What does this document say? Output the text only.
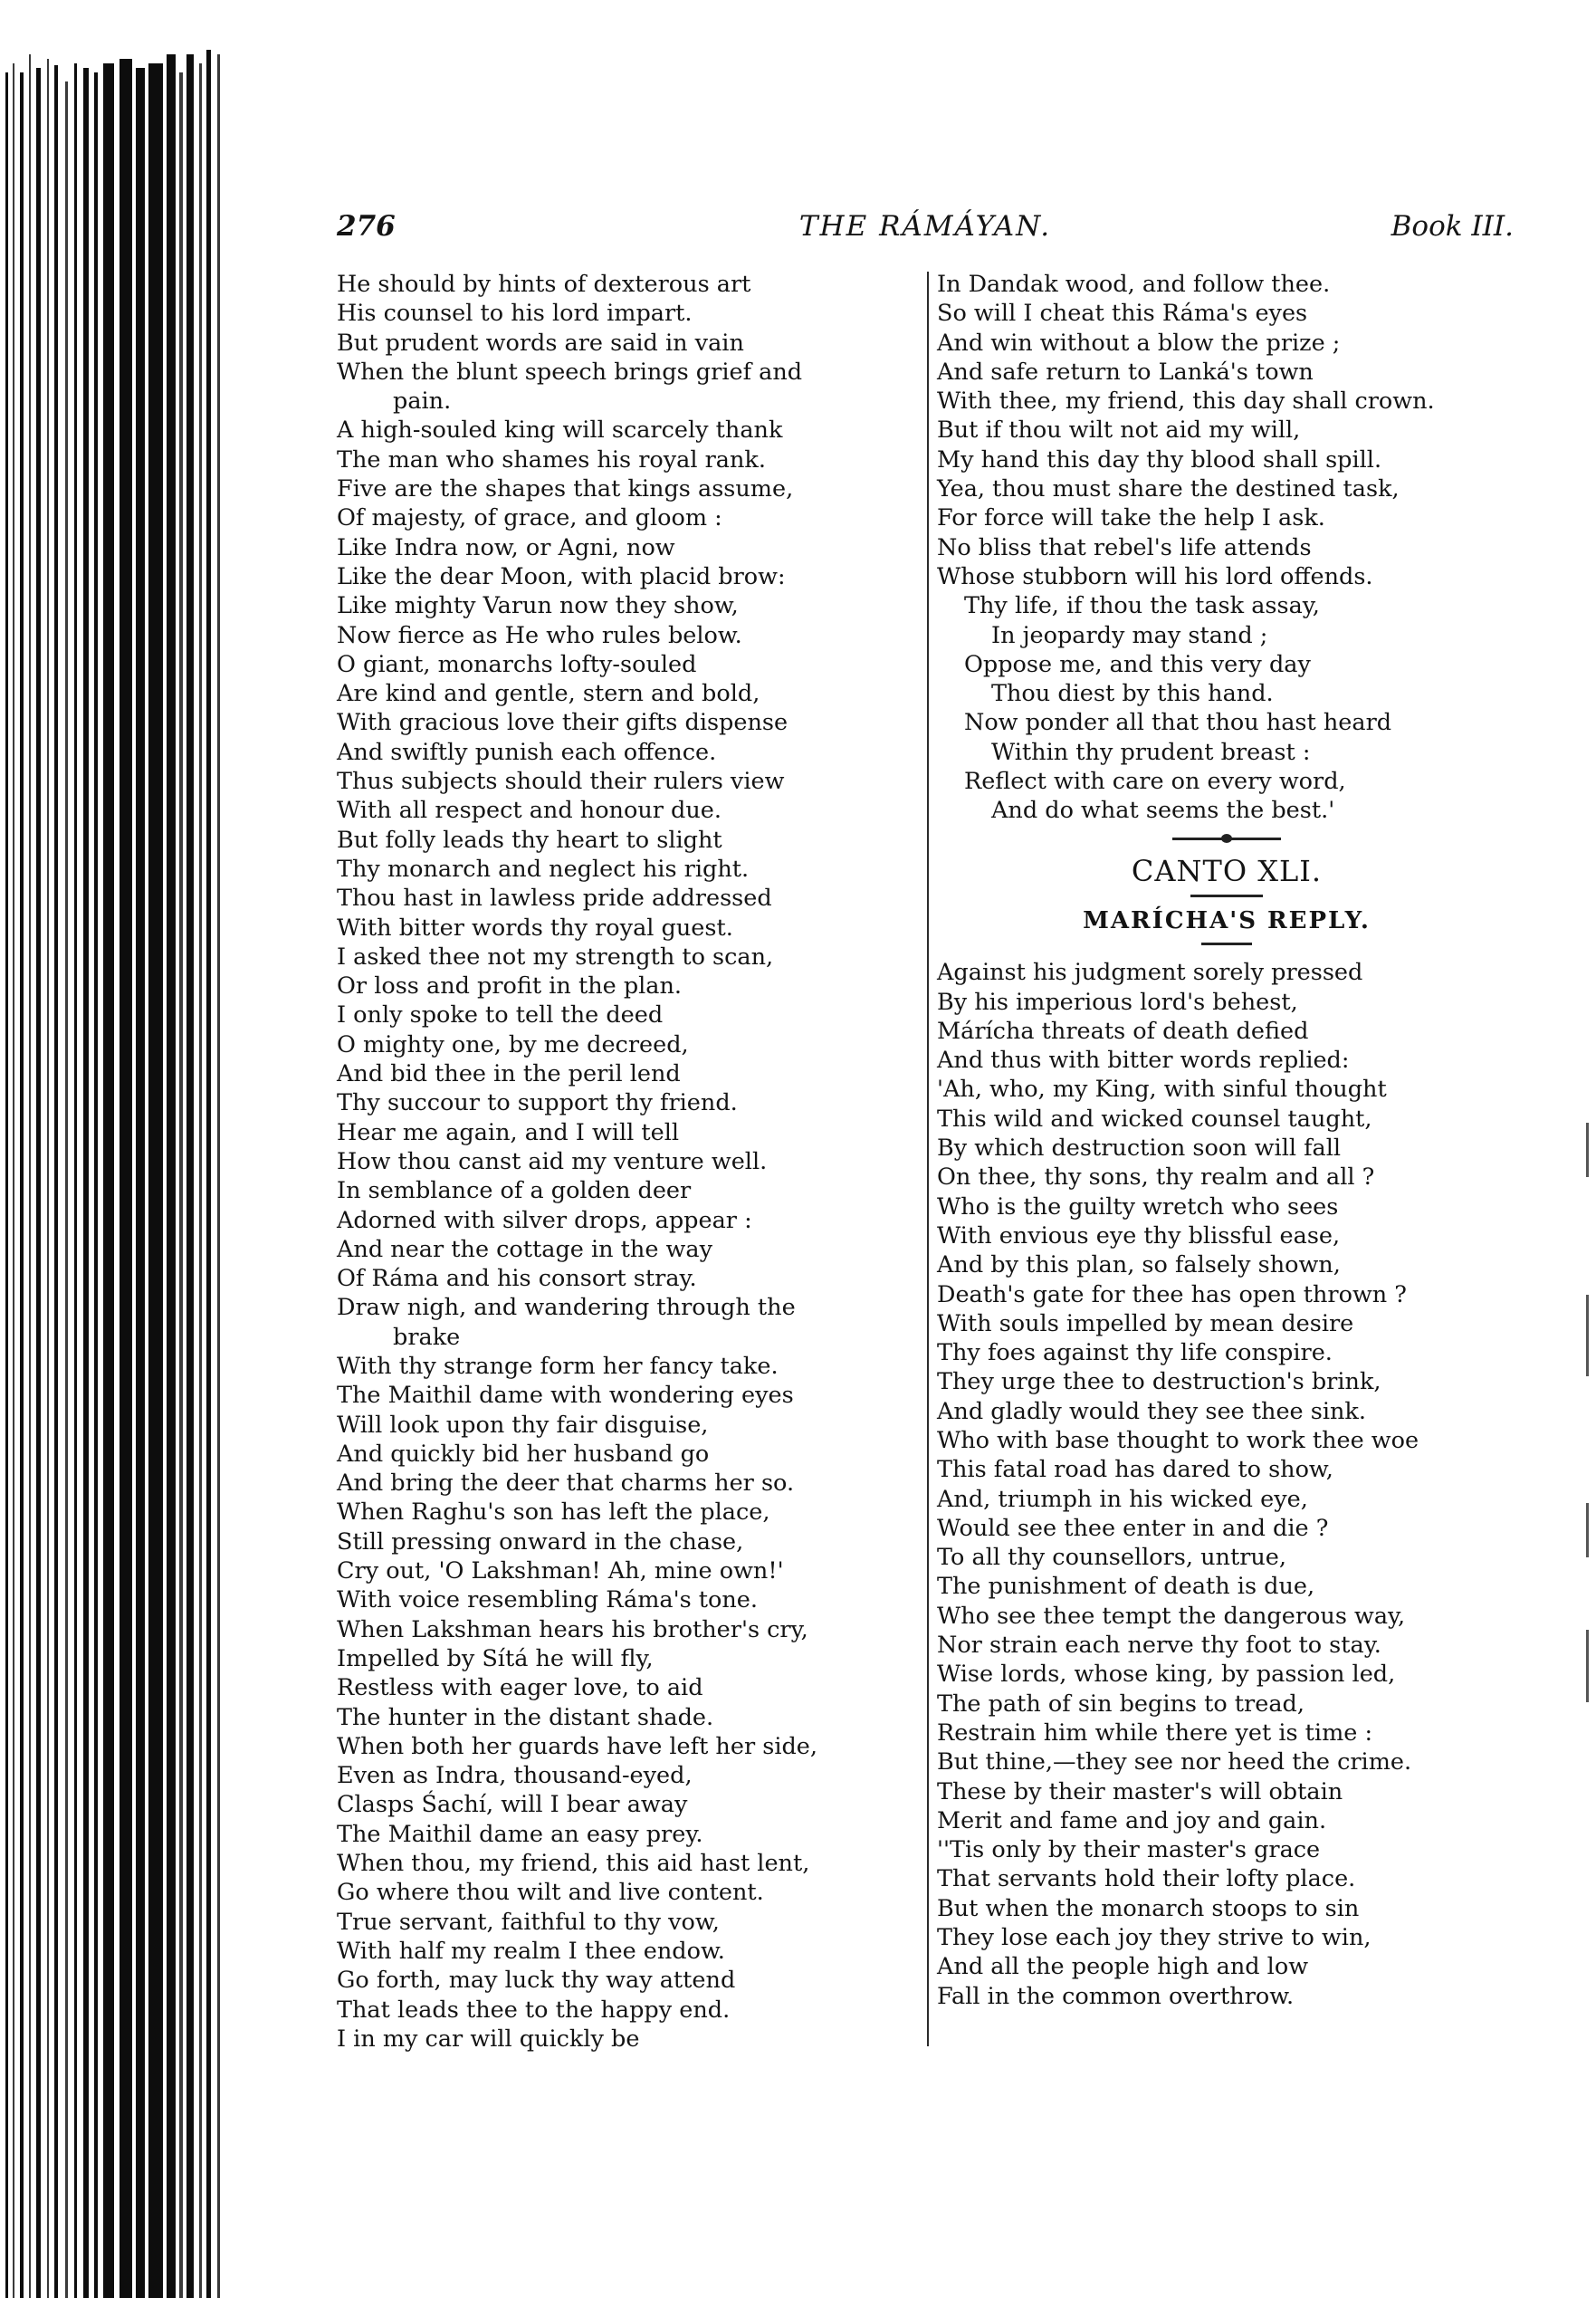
276	THE RÁMÁYAN.	Book III.
He should by hints of dexterous art
His counsel to his lord impart.
But prudent words are said in vain
When the blunt speech brings grief and
pain.
A high-souled king will scarcely thank
The man who shames his royal rank.
Five are the shapes that kings assume,
Of majesty, of grace, and gloom :
Like Indra now, or Agni, now
Like the dear Moon, with placid brow:
Like mighty Varun now they show,
Now fierce as He who rules below.
O giant, monarchs lofty-souled
Are kind and gentle, stern and bold,
With gracious love their gifts dispense
And swiftly punish each offence.
Thus subjects should their rulers view
With all respect and honour due.
But folly leads thy heart to slight
Thy monarch and neglect his right.
Thou hast in lawless pride addressed
With bitter words thy royal guest.
I asked thee not my strength to scan,
Or loss and profit in the plan.
I only spoke to tell the deed
O mighty one, by me decreed,
And bid thee in the peril lend
Thy succour to support thy friend.
Hear me again, and I will tell
How thou canst aid my venture well.
In semblance of a golden deer
Adorned with silver drops, appear :
And near the cottage in the way
Of Ráma and his consort stray.
Draw nigh, and wandering through the
brake
With thy strange form her fancy take.
The Maithil dame with wondering eyes
Will look upon thy fair disguise,
And quickly bid her husband go
And bring the deer that charms her so.
When Raghu's son has left the place,
Still pressing onward in the chase,
Cry out, 'O Lakshman! Ah, mine own!'
With voice resembling Ráma's tone.
When Lakshman hears his brother's cry,
Impelled by Sítá he will fly,
Restless with eager love, to aid
The hunter in the distant shade.
When both her guards have left her side,
Even as Indra, thousand-eyed,
Clasps Śachí, will I bear away
The Maithil dame an easy prey.
When thou, my friend, this aid hast lent,
Go where thou wilt and live content.
True servant, faithful to thy vow,
With half my realm I thee endow.
Go forth, may luck thy way attend
That leads thee to the happy end.
I in my car will quickly be
In Dandak wood, and follow thee.
So will I cheat this Ráma's eyes
And win without a blow the prize ;
And safe return to Lanká's town
With thee, my friend, this day shall crown.
But if thou wilt not aid my will,
My hand this day thy blood shall spill.
Yea, thou must share the destined task,
For force will take the help I ask.
No bliss that rebel's life attends
Whose stubborn will his lord offends.
Thy life, if thou the task assay,
In jeopardy may stand ;
Oppose me, and this very day
Thou diest by this hand.
Now ponder all that thou hast heard
Within thy prudent breast :
Reflect with care on every word,
And do what seems the best.'
CANTO XLI.
MARÍCHA'S REPLY.
Against his judgment sorely pressed
By his imperious lord's behest,
Márícha threats of death defied
And thus with bitter words replied:
'Ah, who, my King, with sinful thought
This wild and wicked counsel taught,
By which destruction soon will fall
On thee, thy sons, thy realm and all ?
Who is the guilty wretch who sees
With envious eye thy blissful ease,
And by this plan, so falsely shown,
Death's gate for thee has open thrown ?
With souls impelled by mean desire
Thy foes against thy life conspire.
They urge thee to destruction's brink,
And gladly would they see thee sink.
Who with base thought to work thee woe
This fatal road has dared to show,
And, triumph in his wicked eye,
Would see thee enter in and die ?
To all thy counsellors, untrue,
The punishment of death is due,
Who see thee tempt the dangerous way,
Nor strain each nerve thy foot to stay.
Wise lords, whose king, by passion led,
The path of sin begins to tread,
Restrain him while there yet is time :
But thine,—they see nor heed the crime.
These by their master's will obtain
Merit and fame and joy and gain.
''Tis only by their master's grace
That servants hold their lofty place.
But when the monarch stoops to sin
They lose each joy they strive to win,
And all the people high and low
Fall in the common overthrow.
